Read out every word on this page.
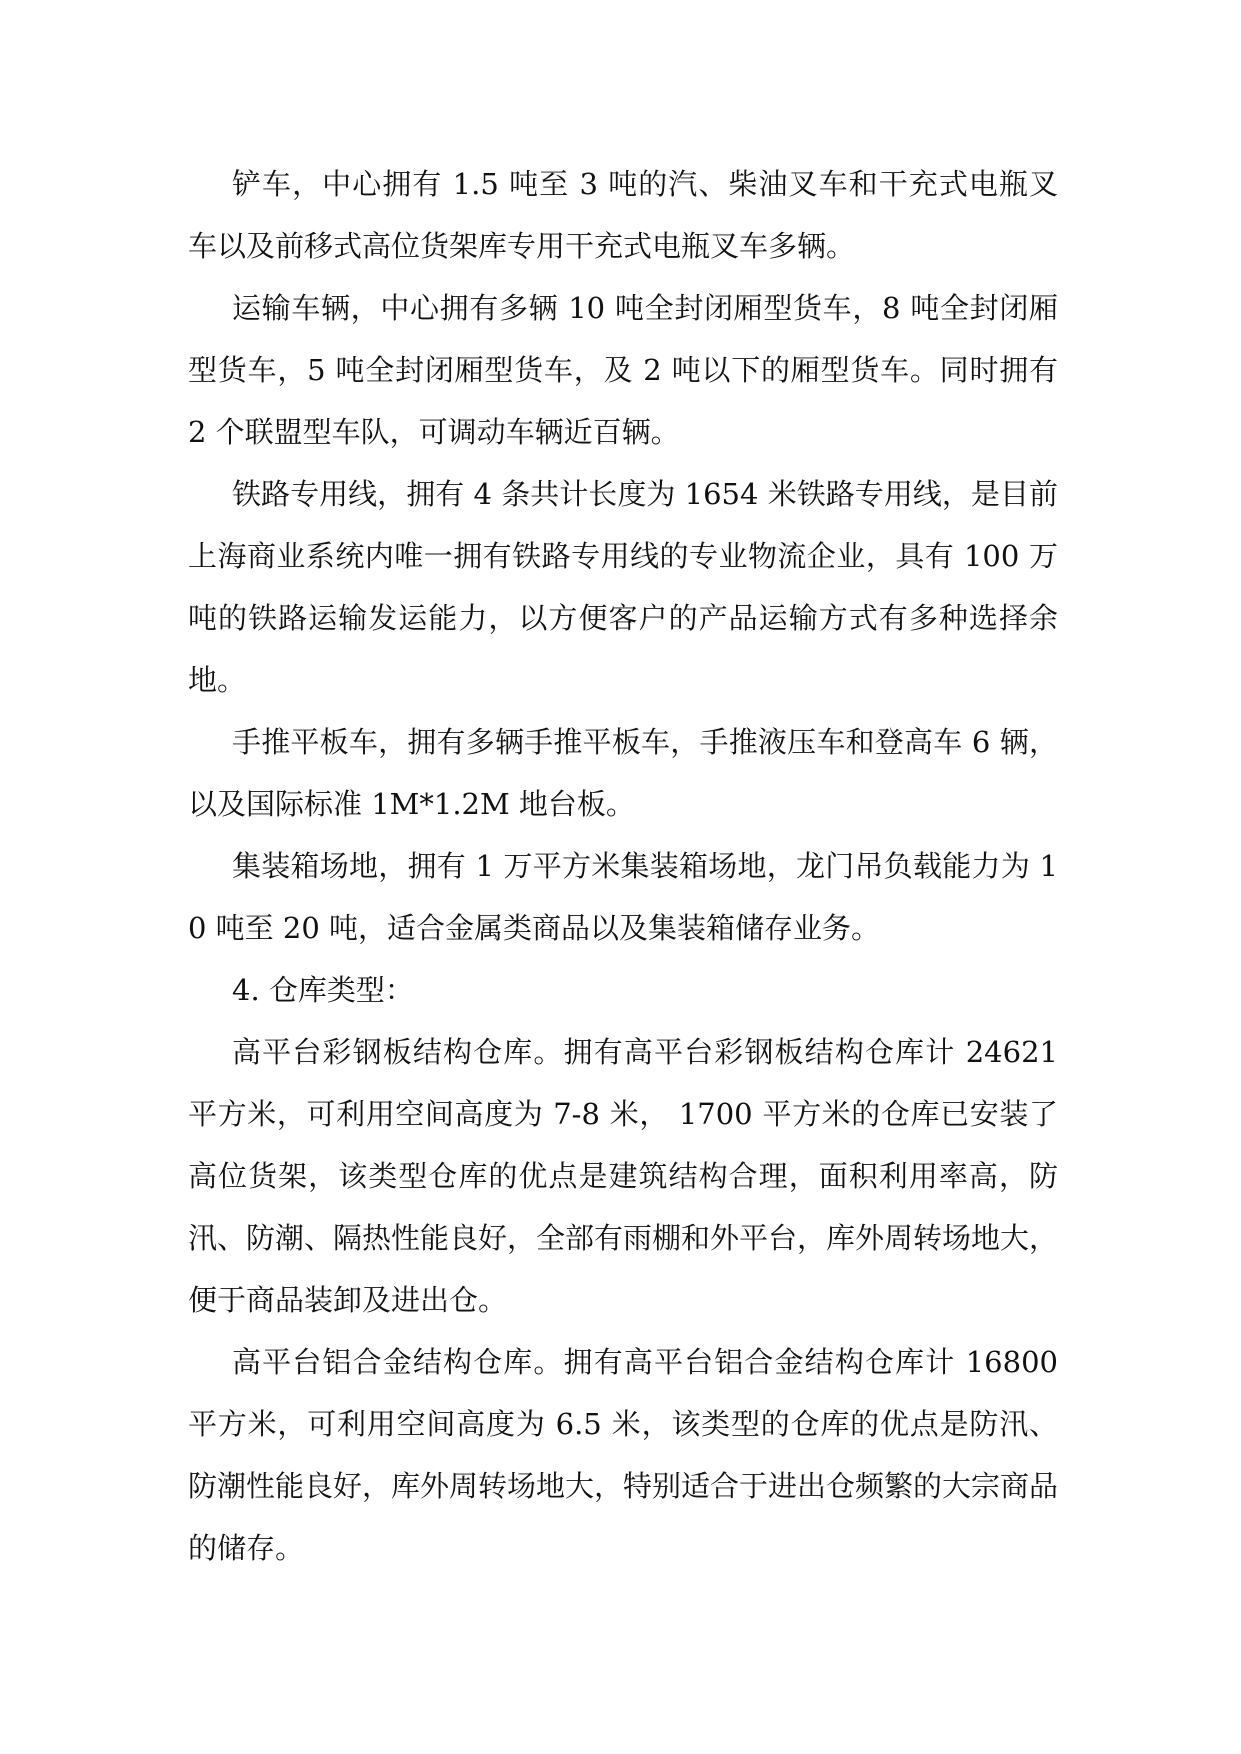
铲车，中心拥有 1.5 吨至 3 吨的汽、柴油叉车和干充式电瓶叉车以及前移式高位货架库专用干充式电瓶叉车多辆。

运输车辆，中心拥有多辆 10 吨全封闭厢型货车，8 吨全封闭厢型货车，5 吨全封闭厢型货车，及 2 吨以下的厢型货车。同时拥有 2 个联盟型车队，可调动车辆近百辆。

铁路专用线，拥有 4 条共计长度为 1654 米铁路专用线，是目前上海商业系统内唯一拥有铁路专用线的专业物流企业，具有 100 万吨的铁路运输发运能力，以方便客户的产品运输方式有多种选择余地。

手推平板车，拥有多辆手推平板车，手推液压车和登高车 6 辆，以及国际标准 1M*1.2M 地台板。

集装箱场地，拥有 1 万平方米集装箱场地，龙门吊负载能力为 10 吨至 20 吨，适合金属类商品以及集装箱储存业务。

4. 仓库类型：

高平台彩钢板结构仓库。拥有高平台彩钢板结构仓库计 24621 平方米，可利用空间高度为 7-8 米， 1700 平方米的仓库已安装了高位货架，该类型仓库的优点是建筑结构合理，面积利用率高，防汛、防潮、隔热性能良好，全部有雨棚和外平台，库外周转场地大，便于商品装卸及进出仓。

高平台铝合金结构仓库。拥有高平台铝合金结构仓库计 16800 平方米，可利用空间高度为 6.5 米，该类型的仓库的优点是防汛、防潮性能良好，库外周转场地大，特别适合于进出仓频繁的大宗商品的储存。
